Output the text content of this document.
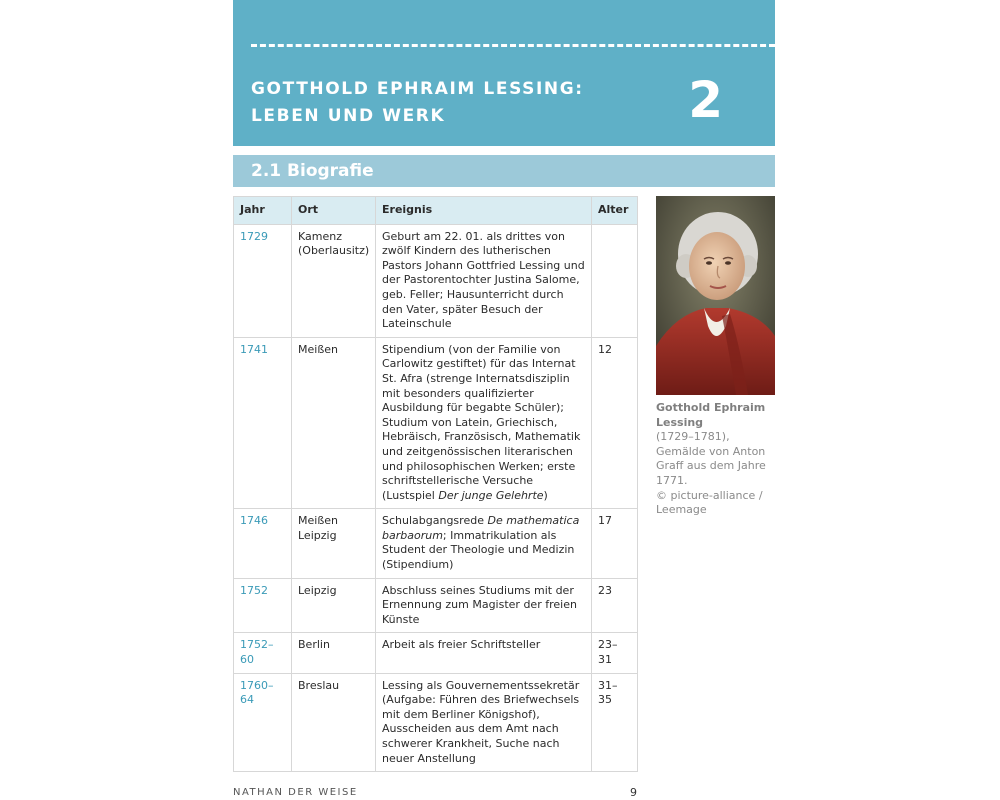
GOTTHOLD EPHRAIM LESSING:
LEBEN UND WERK	2
2.1 Biografie
Jahr	Ort	Ereignis	Alter
1729	Kamenz (Oberlausitz)	Geburt am 22. 01. als drittes von zwölf Kindern des lutherischen Pastors Johann Gottfried Lessing und der Pastorentochter Justina Salome, geb. Feller; Hausunterricht durch den Vater, später Besuch der Lateinschule	
1741	Meißen	Stipendium (von der Familie von Carlowitz gestiftet) für das Internat St. Afra (strenge Internatsdisziplin mit besonders qualifizierter Ausbildung für begabte Schüler); Studium von Latein, Griechisch, Hebräisch, Französisch, Mathematik und zeitgenössischen literarischen und philosophischen Werken; erste schriftstellerische Versuche (Lustspiel Der junge Gelehrte)	12
1746	Meißen Leipzig	Schulabgangsrede De mathematica barbaorum; Immatrikulation als Student der Theologie und Medizin (Stipendium)	17
1752	Leipzig	Abschluss seines Studiums mit der Ernennung zum Magister der freien Künste	23
1752–60	Berlin	Arbeit als freier Schriftsteller	23–31
1760–64	Breslau	Lessing als Gouvernementssekretär (Aufgabe: Führen des Briefwechsels mit dem Berliner Königshof), Ausscheiden aus dem Amt nach schwerer Krankheit, Suche nach neuer Anstellung	31–35
Gotthold Ephraim Lessing
(1729–1781),
Gemälde von Anton Graff aus dem Jahre 1771.
© picture-alliance / Leemage
NATHAN DER WEISE	9
